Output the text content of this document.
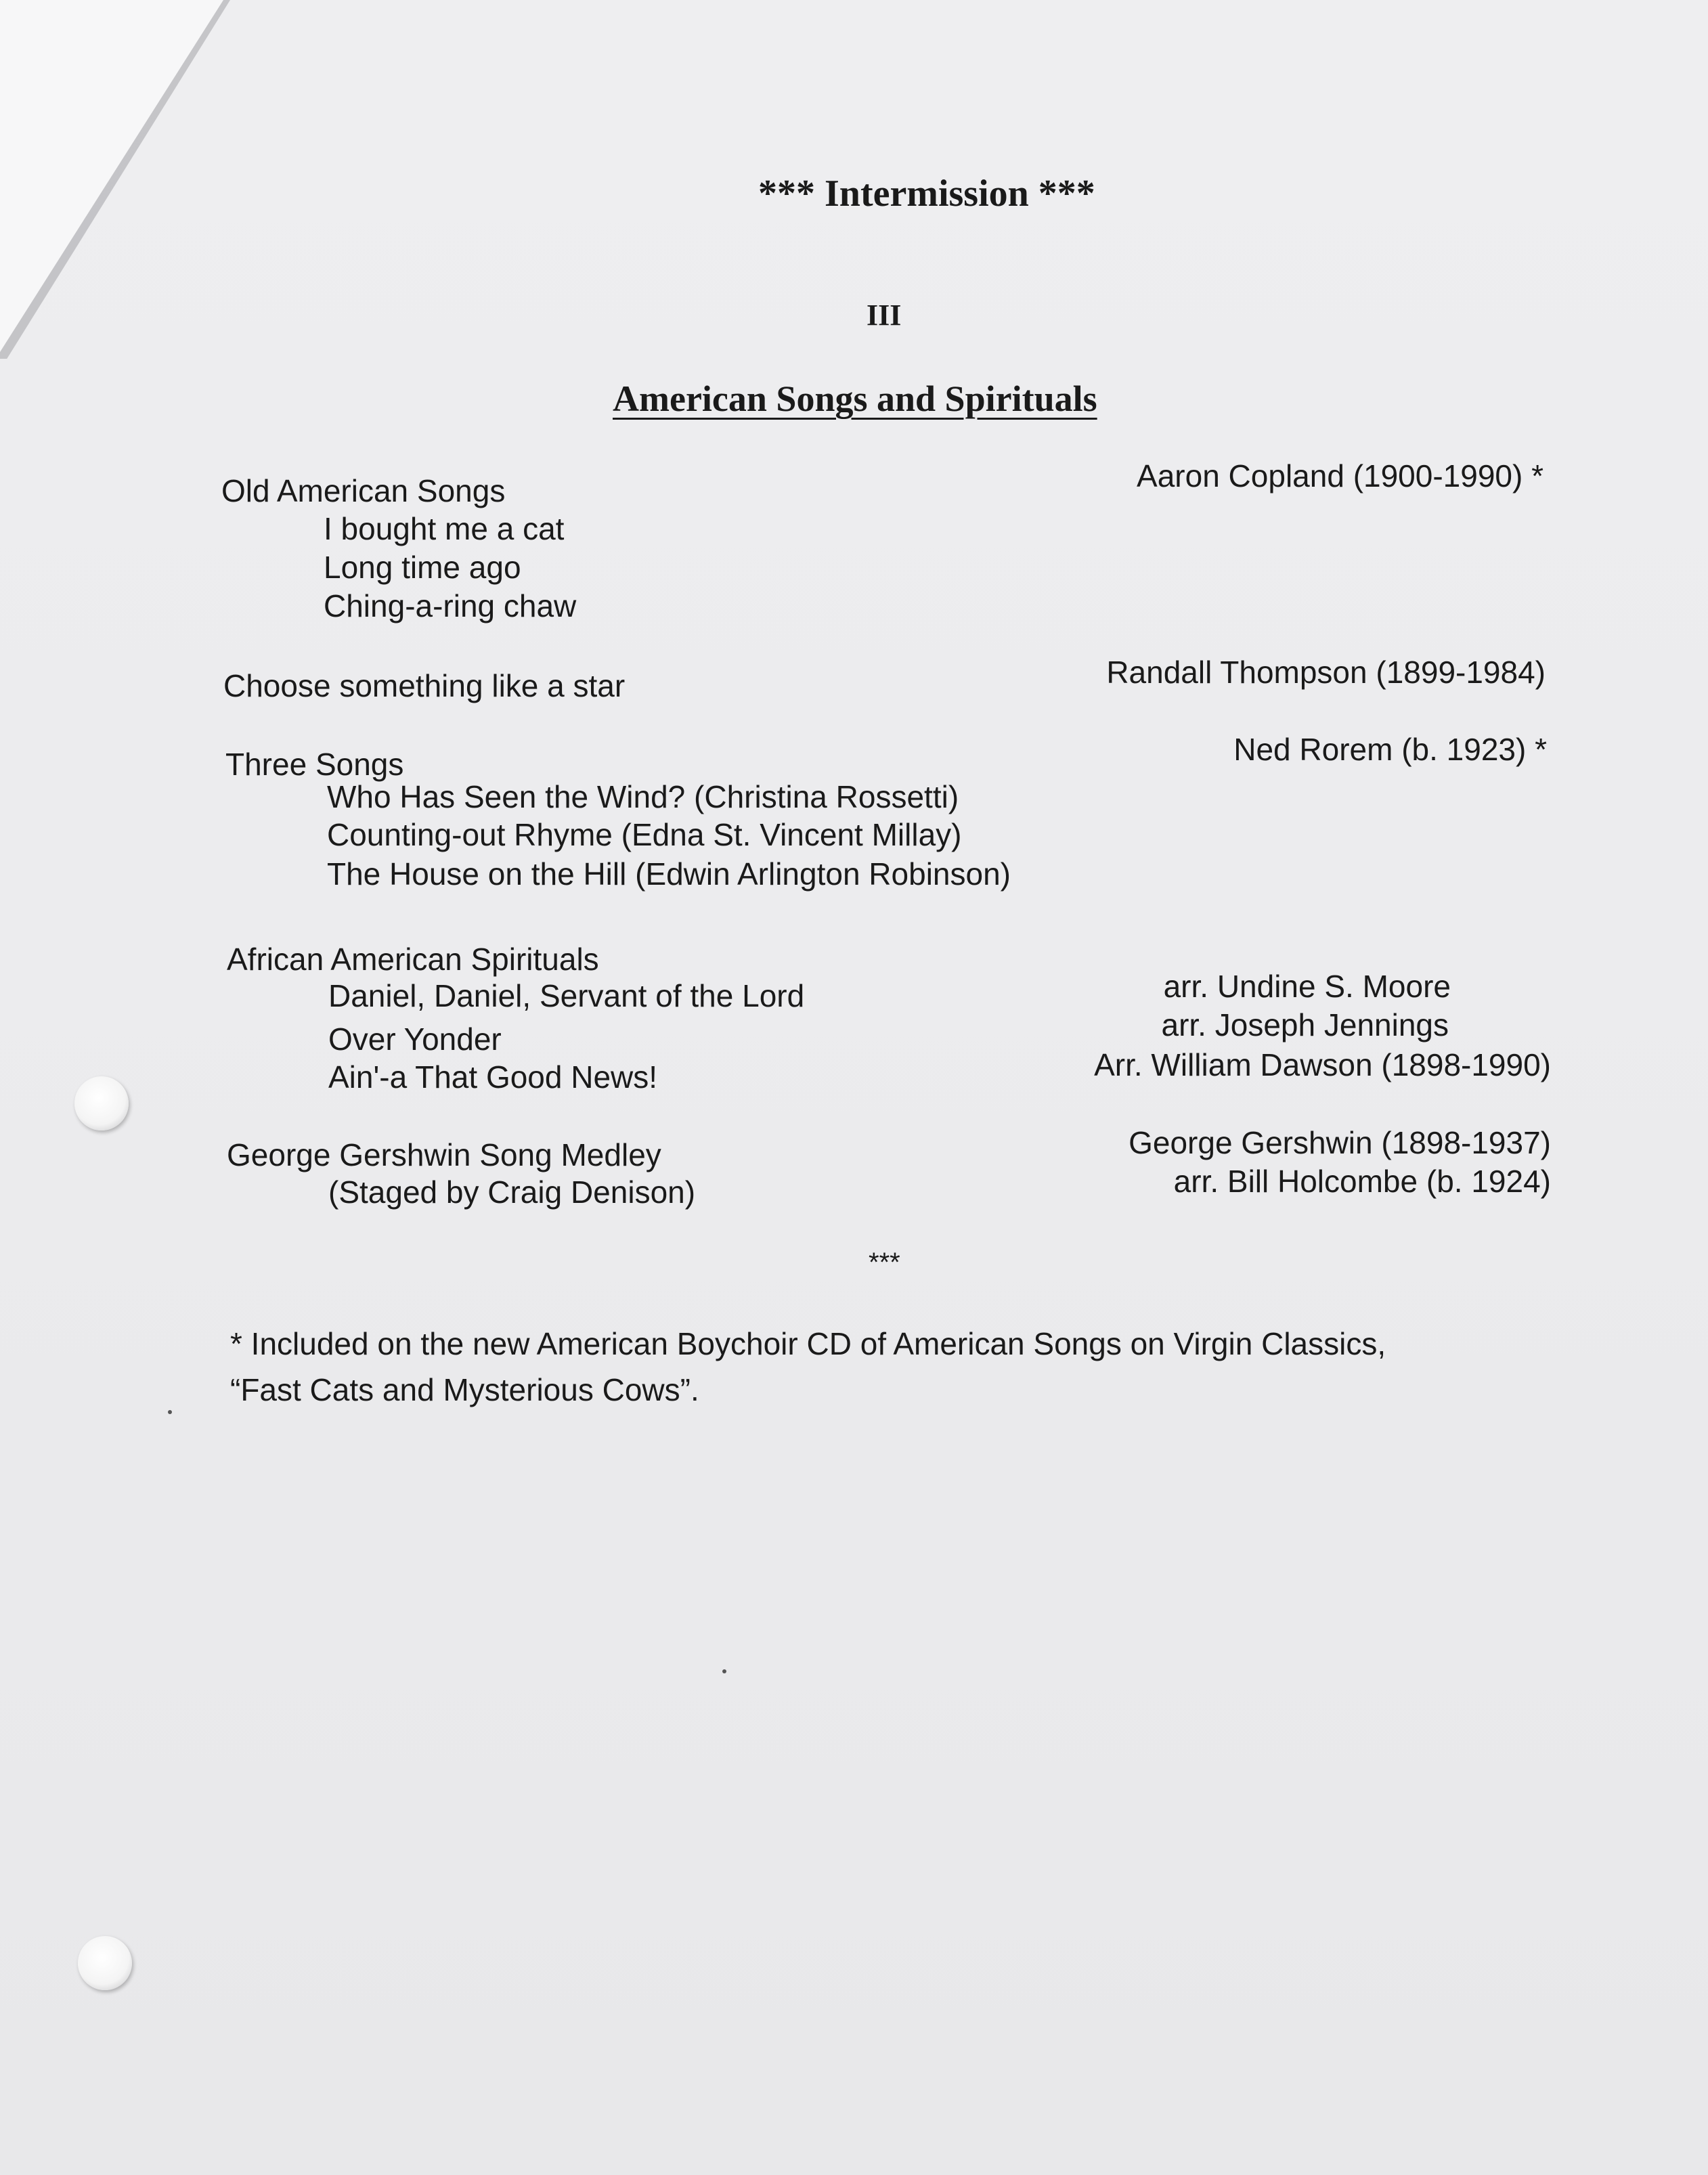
*** Intermission ***
III
American Songs and Spirituals
Old American Songs
I bought me a cat
Long time ago
Ching-a-ring chaw
Aaron Copland (1900-1990) *
Choose something like a star	Randall Thompson (1899-1984)
Three Songs
Who Has Seen the Wind? (Christina Rossetti)
Counting-out Rhyme (Edna St. Vincent Millay)
The House on the Hill (Edwin Arlington Robinson)
Ned Rorem (b. 1923) *
African American Spirituals
Daniel, Daniel, Servant of the Lord
Over Yonder
Ain'-a That Good News!
arr. Undine S. Moore
arr. Joseph Jennings
Arr. William Dawson (1898-1990)
George Gershwin Song Medley
(Staged by Craig Denison)
George Gershwin (1898-1937)
arr. Bill Holcombe (b. 1924)
***
* Included on the new American Boychoir CD of American Songs on Virgin Classics,
“Fast Cats and Mysterious Cows”.
